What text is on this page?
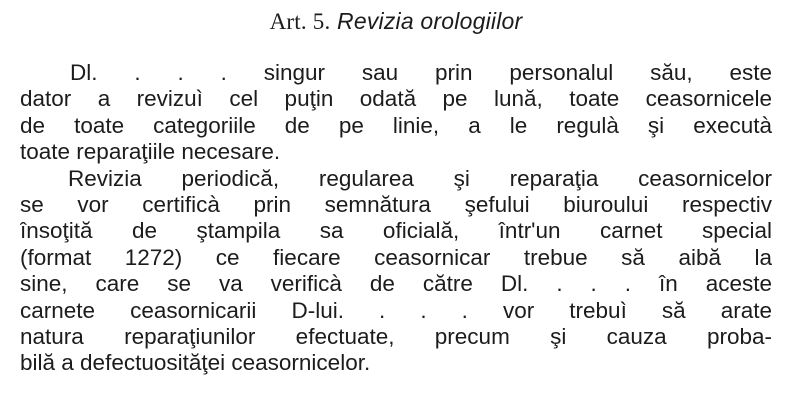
Art. 5. Revizia orologiilor
Dl. . . . singur sau prin personalul său, este
dator a revizuì cel puţin odată pe lună, toate ceasornicele
de toate categoriile de pe linie, a le regulà şi executà
toate reparaţiile necesare.
Revizia periodică, regularea şi reparaţia ceasornicelor
se vor certificà prin semnătura şefului biuroului respectiv
însoţită de ştampila sa oficială, într'un carnet special
(format 1272) ce fiecare ceasornicar trebue să aibă la
sine, care se va verificà de către Dl. . . . în aceste
carnete ceasornicarii D-lui. . . . vor trebuì să arate
natura reparaţiunilor efectuate, precum şi cauza proba-
bilă a defectuosităţei ceasornicelor.
